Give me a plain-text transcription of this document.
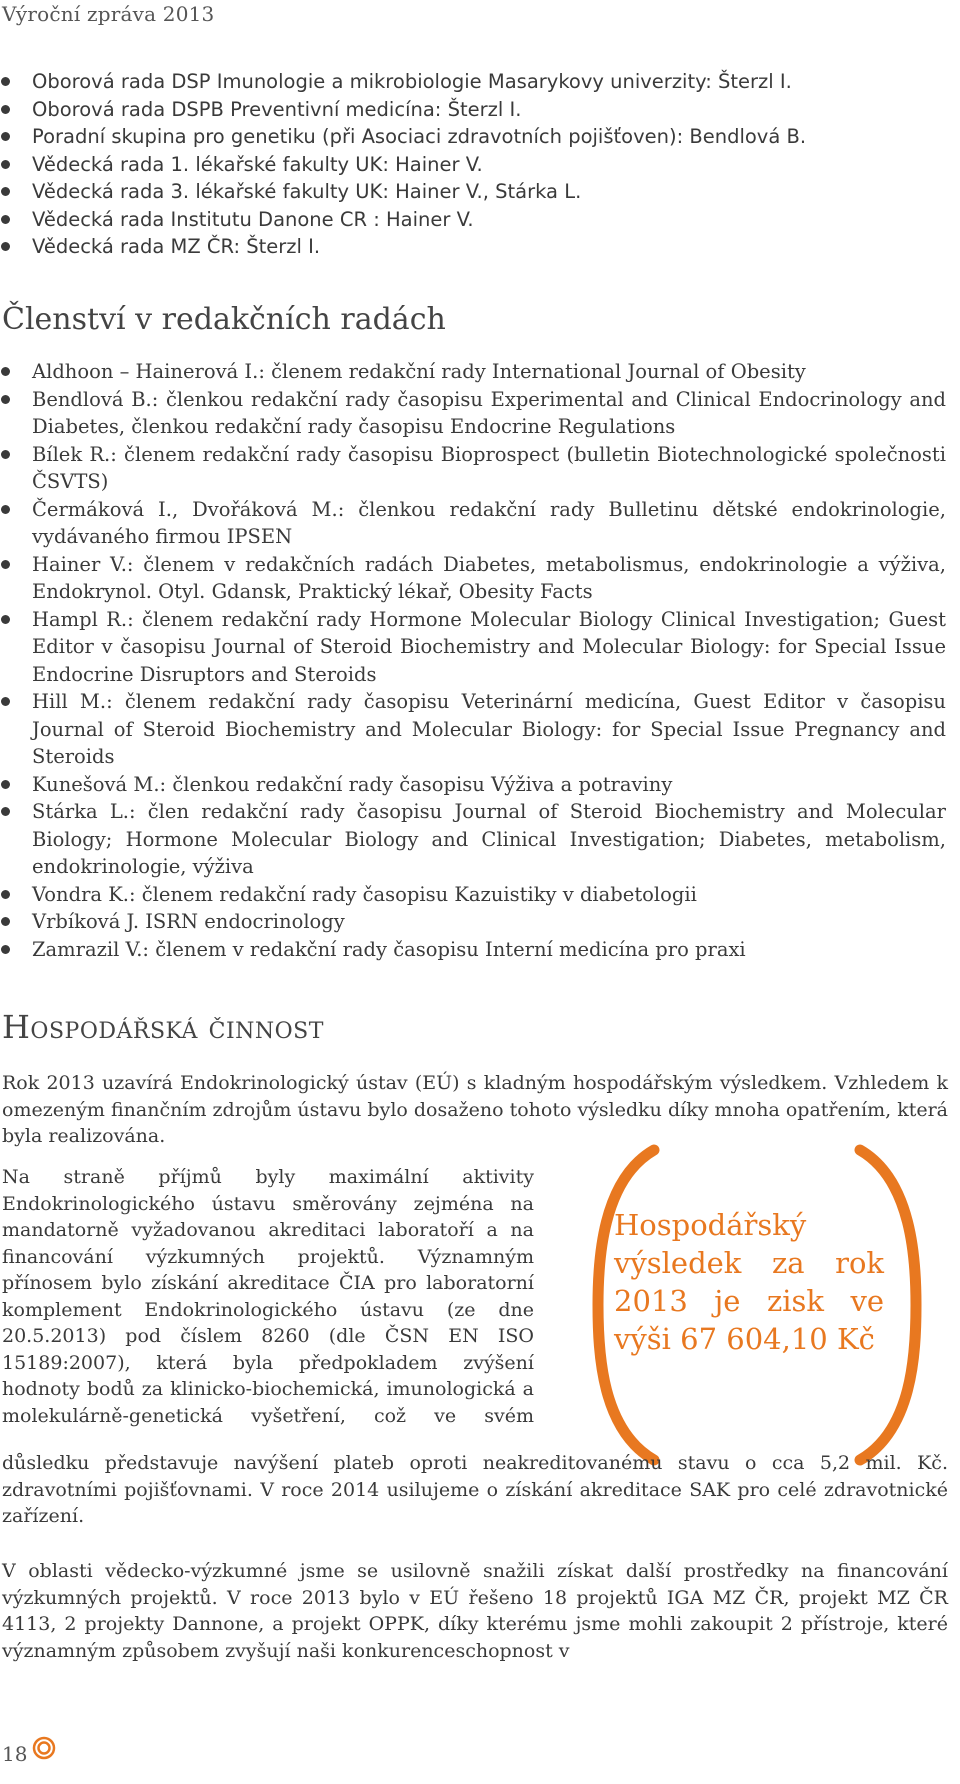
Výroční zpráva 2013
Oborová rada DSP Imunologie a mikrobiologie Masarykovy univerzity: Šterzl I.
Oborová rada DSPB Preventivní medicína: Šterzl I.
Poradní skupina pro genetiku (při Asociaci zdravotních pojišťoven): Bendlová B.
Vědecká rada 1. lékařské fakulty UK: Hainer V.
Vědecká rada 3. lékařské fakulty UK: Hainer V., Stárka L.
Vědecká rada Institutu Danone CR : Hainer V.
Vědecká rada MZ ČR: Šterzl I.
Členství v redakčních radách
Aldhoon – Hainerová I.: členem redakční rady International Journal of Obesity
Bendlová B.: členkou redakční rady časopisu Experimental and Clinical Endocrinology and Diabetes, členkou redakční rady časopisu Endocrine Regulations
Bílek R.: členem redakční rady časopisu Bioprospect (bulletin Biotechnologické společnosti ČSVTS)
Čermáková I., Dvořáková M.: členkou redakční rady Bulletinu dětské endokrinologie, vydávaného firmou IPSEN
Hainer V.: členem v redakčních radách Diabetes, metabolismus, endokrinologie a výživa, Endokrynol. Otyl. Gdansk, Praktický lékař, Obesity Facts
Hampl R.: členem redakční rady Hormone Molecular Biology Clinical Investigation; Guest Editor v časopisu Journal of Steroid Biochemistry and Molecular Biology: for Special Issue Endocrine Disruptors and Steroids
Hill M.: členem redakční rady časopisu Veterinární medicína, Guest Editor v časopisu Journal of Steroid Biochemistry and Molecular Biology: for Special Issue Pregnancy and Steroids
Kunešová M.: členkou redakční rady časopisu Výživa a potraviny
Stárka L.: člen redakční rady časopisu Journal of Steroid Biochemistry and Molecular Biology; Hormone Molecular Biology and Clinical Investigation; Diabetes, metabolism, endokrinologie, výživa
Vondra K.: členem redakční rady časopisu Kazuistiky v diabetologii
Vrbíková J. ISRN endocrinology
Zamrazil V.: členem v redakční rady časopisu Interní medicína pro praxi
Hospodářská činnost

Rok 2013 uzavírá Endokrinologický ústav (EÚ) s kladným hospodářským výsledkem. Vzhledem k omezeným finančním zdrojům ústavu bylo dosaženo tohoto výsledku díky mnoha opatřením, která byla realizována.

Na straně příjmů byly maximální aktivity Endokrinologického ústavu směrovány zejména na mandatorně vyžadovanou akreditaci laboratoří a na financování výzkumných projektů. Významným přínosem bylo získání akreditace ČIA pro laboratorní komplement Endokrinologického ústavu (ze dne 20.5.2013) pod číslem 8260 (dle ČSN EN ISO 15189:2007), která byla předpokladem zvýšení hodnoty bodů za klinicko-biochemická, imunologická a molekulárně-genetická vyšetření, což ve svém

Hospodářský výsledek za rok 2013 je zisk ve výši 67 604,10 Kč

důsledku představuje navýšení plateb oproti neakreditovanému stavu o cca 5,2 mil. Kč. zdravotními pojišťovnami. V roce 2014 usilujeme o získání akreditace SAK pro celé zdravotnické zařízení.

V oblasti vědecko-výzkumné jsme se usilovně snažili získat další prostředky na financování výzkumných projektů. V roce 2013 bylo v EÚ řešeno 18 projektů IGA MZ ČR, projekt MZ ČR 4113, 2 projekty Dannone, a projekt OPPK, díky kterému jsme mohli zakoupit 2 přístroje, které významným způsobem zvyšují naši konkurenceschopnost v

18
